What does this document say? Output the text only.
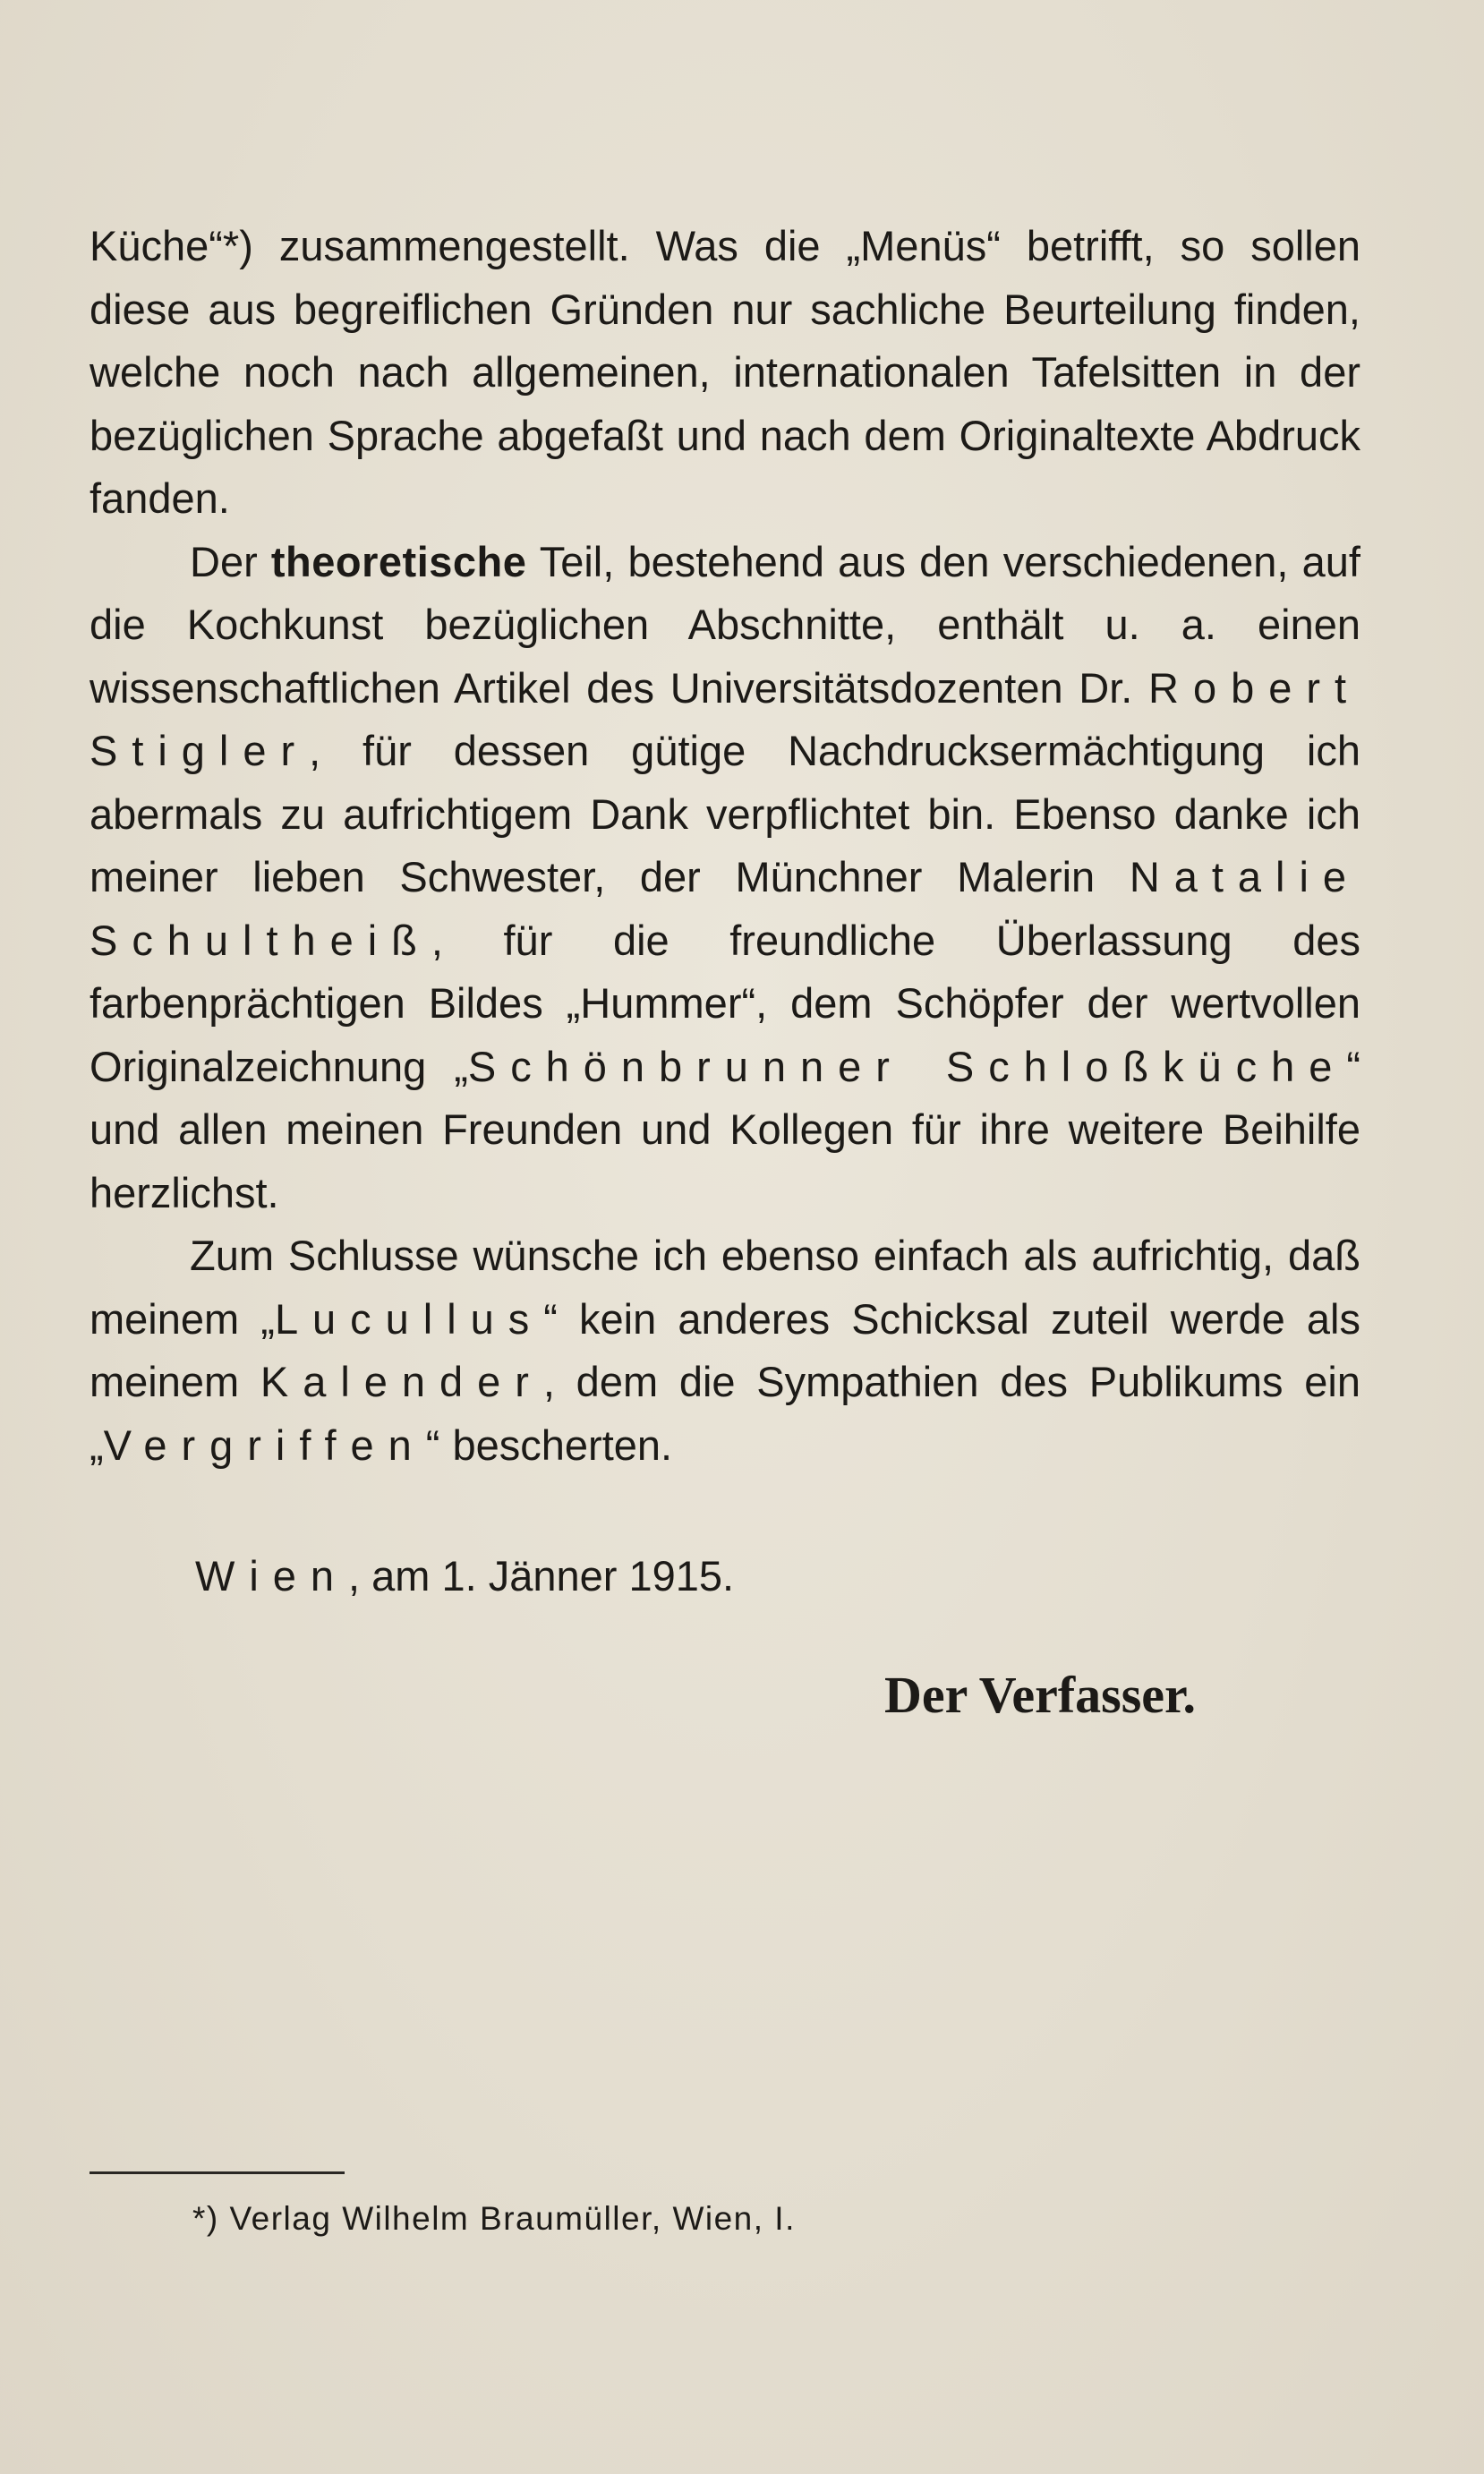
Küche“*) zusammengestellt. Was die „Menüs“ betrifft, so sollen diese aus begreiflichen Gründen nur sachliche Beurteilung finden, welche noch nach allgemeinen, internationalen Tafelsitten in der bezüglichen Sprache abgefaßt und nach dem Originaltexte Abdruck fanden.

Der theoretische Teil, bestehend aus den verschiedenen, auf die Kochkunst bezüglichen Abschnitte, enthält u. a. einen wissenschaftlichen Artikel des Universitätsdozenten Dr. Robert Stigler, für dessen gütige Nachdrucksermächtigung ich abermals zu aufrichtigem Dank verpflichtet bin. Ebenso danke ich meiner lieben Schwester, der Münchner Malerin Natalie Schultheiß, für die freundliche Überlassung des farbenprächtigen Bildes „Hummer“, dem Schöpfer der wertvollen Originalzeichnung „Schönbrunner Schloßküche“ und allen meinen Freunden und Kollegen für ihre weitere Beihilfe herzlichst.

Zum Schlusse wünsche ich ebenso einfach als aufrichtig, daß meinem „Lucullus“ kein anderes Schicksal zuteil werde als meinem Kalender, dem die Sympathien des Publikums ein „Vergriffen“ bescherten.

Wien, am 1. Jänner 1915.

Der Verfasser.

*) Verlag Wilhelm Braumüller, Wien, I.
